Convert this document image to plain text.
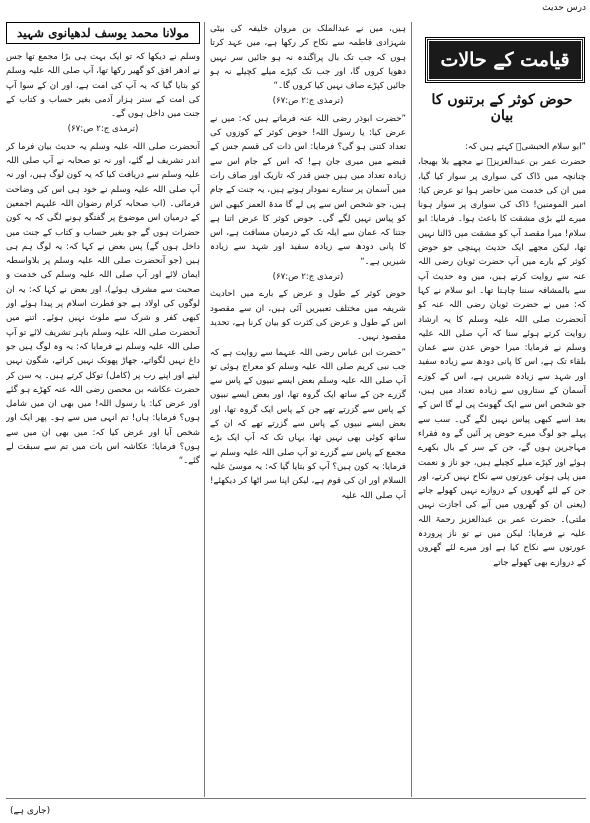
درس حدیث
قیامت کے حالات
حوض کوثر کے برتنوں کا بیان

”ابو سلام الحبشیؒ کہتے ہیں کہ:

حضرت عمر بن عبدالعزیزؒ نے مجھے بلا بھیجا، چنانچہ میں ڈاک کی سواری پر سوار کیا گیا، میں ان کی خدمت میں حاضر ہوا تو عرض کیا: امیر المومنین! ڈاک کی سواری پر سوار ہونا میرے لئے بڑی مشقت کا باعث ہوا۔ فرمایا: ابو سلام! میرا مقصد آپ کو مشقت میں ڈالنا نہیں تھا، لیکن مجھے ایک حدیث پہنچی جو حوض کوثر کے بارے میں آپ حضرت ثوبان رضی اللہ عنہ سے روایت کرتے ہیں، میں وہ حدیث آپ سے بالمشافہ سننا چاہتا تھا۔ ابو سلام نے کہا کہ: میں نے حضرت ثوبان رضی اللہ عنہ کو آنحضرت صلی اللہ علیہ وسلم کا یہ ارشاد روایت کرتے ہوئے سنا کہ آپ صلی اللہ علیہ وسلم نے فرمایا: میرا حوض عدن سے عمان بلقاء تک ہے، اس کا پانی دودھ سے زیادہ سفید اور شہد سے زیادہ شیریں ہے، اس کے کوزے آسمان کے ستاروں سے زیادہ تعداد میں ہیں، جو شخص اس سے ایک گھونٹ پی لے گا اس کے بعد اسے کبھی پیاس نہیں لگے گی۔ سب سے پہلے جو لوگ میرے حوض پر آئیں گے وہ فقراء مہاجرین ہوں گے، جن کے سر کے بال بکھرے ہوئے اور کپڑے میلے کچیلے ہیں، جو ناز و نعمت میں پلی ہوئی عورتوں سے نکاح نہیں کرتے، اور جن کے لئے گھروں کے دروازے نہیں کھولے جاتے (یعنی ان کو گھروں میں آنے کی اجازت نہیں ملتی)۔ حضرت عمر بن عبدالعزیز رحمۃ اللہ علیہ نے فرمایا: لیکن میں نے تو ناز پروردہ عورتوں سے نکاح کیا ہے اور میرے لئے گھروں کے دروازے بھی کھولے جاتے

ہیں، میں نے عبدالملک بن مروان خلیفہ کی بیٹی شہزادی فاطمہ سے نکاح کر رکھا ہے، میں عہد کرتا ہوں کہ جب تک بال پراگندہ نہ ہو جائیں سر نہیں دھویا کروں گا، اور جب تک کپڑے میلے کچیلے نہ ہو جائیں کپڑے صاف نہیں کیا کروں گا۔“

(ترمذی ج:۲ ص:۶۷)

”حضرت ابوذر رضی اللہ عنہ فرماتے ہیں کہ: میں نے عرض کیا: یا رسول اللہ! حوض کوثر کے کوزوں کی تعداد کتنی ہو گی؟ فرمایا: اس ذات کی قسم جس کے قبضے میں میری جان ہے! کہ اس کے جام اس سے زیادہ تعداد میں ہیں جس قدر کہ تاریک اور صاف رات میں آسمان پر ستارے نمودار ہوتے ہیں، یہ جنت کے جام ہیں، جو شخص اس سے پی لے گا مدۃ العمر کبھی اس کو پیاس نہیں لگے گی۔ حوض کوثر کا عرض اتنا ہے جتنا کہ عمان سے ایلہ تک کے درمیان مسافت ہے، اس کا پانی دودھ سے زیادہ سفید اور شہد سے زیادہ شیریں ہے۔“

(ترمذی ج:۲ ص:۶۷)

حوض کوثر کے طول و عرض کے بارے میں احادیث شریفہ میں مختلف تعبیریں آئی ہیں، ان سے مقصود اس کے طول و عرض کی کثرت کو بیان کرنا ہے، تحدید مقصود نہیں۔

”حضرت ابن عباس رضی اللہ عنہما سے روایت ہے کہ جب نبی کریم صلی اللہ علیہ وسلم کو معراج ہوئی تو آپ صلی اللہ علیہ وسلم بعض ایسے نبیوں کے پاس سے گزرے جن کے ساتھ ایک گروہ تھا، اور بعض ایسے نبیوں کے پاس سے گزرتے تھے جن کے پاس ایک گروہ تھا، اور بعض ایسے نبیوں کے پاس سے گزرتے تھے کہ ان کے ساتھ کوئی بھی نہیں تھا، یہاں تک کہ آپ ایک بڑے مجمع کے پاس سے گزرے تو آپ صلی اللہ علیہ وسلم نے فرمایا: یہ کون ہیں؟ آپ کو بتایا گیا کہ: یہ موسیٰ علیہ السلام اور ان کی قوم ہے، لیکن اپنا سر اٹھا کر دیکھئے! آپ صلی اللہ علیہ

مولانا محمد یوسف لدھیانوی شہید

وسلم نے دیکھا کہ تو ایک بہت ہی بڑا مجمع تھا جس نے ادھر افق کو گھیر رکھا تھا، آپ صلی اللہ علیہ وسلم کو بتایا گیا کہ یہ آپ کی امت ہے، اور ان کے سوا آپ کی امت کے ستر ہزار آدمی بغیر حساب و کتاب کے جنت میں داخل ہوں گے۔

(ترمذی ج:۲ ص:۶۷)

آنحضرت صلی اللہ علیہ وسلم یہ حدیث بیان فرما کر اندر تشریف لے گئے، اور نہ تو صحابہ نے آپ صلی اللہ علیہ وسلم سے دریافت کیا کہ یہ کون لوگ ہیں، اور نہ آپ صلی اللہ علیہ وسلم نے خود ہی اس کی وضاحت فرمائی۔ (اب صحابہ کرام رضوان اللہ علیہم اجمعین کے درمیان اس موضوع پر گفتگو ہونے لگی کہ یہ کون حضرات ہوں گے جو بغیر حساب و کتاب کے جنت میں داخل ہوں گے) پس بعض نے کہا کہ: یہ لوگ ہم ہی ہیں (جو آنحضرت صلی اللہ علیہ وسلم پر بلاواسطہ ایمان لائے اور آپ صلی اللہ علیہ وسلم کی خدمت و صحبت سے مشرف ہوئے)، اور بعض نے کہا کہ: یہ ان لوگوں کی اولاد ہے جو فطرت اسلام پر پیدا ہوئے اور کبھی کفر و شرک سے ملوث نہیں ہوئے۔ اتنے میں آنحضرت صلی اللہ علیہ وسلم باہر تشریف لائے تو آپ صلی اللہ علیہ وسلم نے فرمایا کہ: یہ وہ لوگ ہیں جو داغ نہیں لگواتے، جھاڑ پھونک نہیں کراتے، شگون نہیں لیتے اور اپنے رب پر (کامل) توکل کرتے ہیں۔ یہ سن کر حضرت عکاشہ بن محصن رضی اللہ عنہ کھڑے ہو گئے اور عرض کیا: یا رسول اللہ! میں بھی ان میں شامل ہوں؟ فرمایا: ہاں! تم انہی میں سے ہو۔ پھر ایک اور شخص آیا اور عرض کیا کہ: میں بھی ان میں سے ہوں؟ فرمایا: عکاشہ اس بات میں تم سے سبقت لے گئے۔“

(جاری ہے)
